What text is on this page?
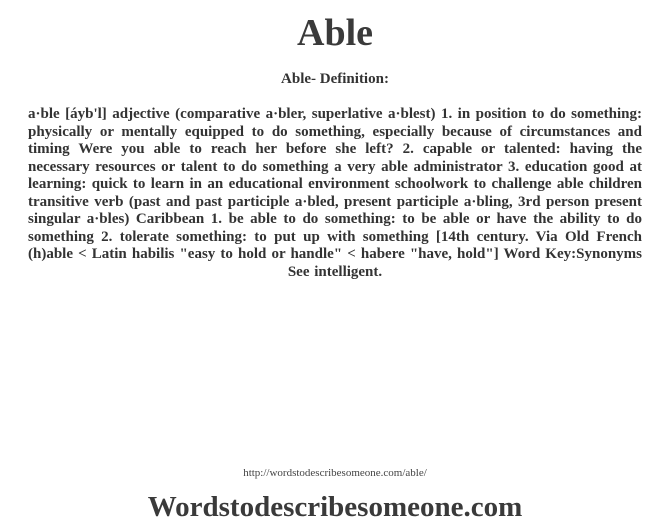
Able
Able- Definition:
a·ble [áyb'l] adjective (comparative a·bler, superlative a·blest) 1. in position to do something: physically or mentally equipped to do something, especially because of circumstances and timing Were you able to reach her before she left? 2. capable or talented: having the necessary resources or talent to do something a very able administrator 3. education good at learning: quick to learn in an educational environment schoolwork to challenge able children transitive verb (past and past participle a·bled, present participle a·bling, 3rd person present singular a·bles) Caribbean 1. be able to do something: to be able or have the ability to do something 2. tolerate something: to put up with something [14th century. Via Old French (h)able < Latin habilis "easy to hold or handle" < habere "have, hold"] Word Key:Synonyms See intelligent.
http://wordstodescribesomeone.com/able/
Wordstodescribesomeone.com
